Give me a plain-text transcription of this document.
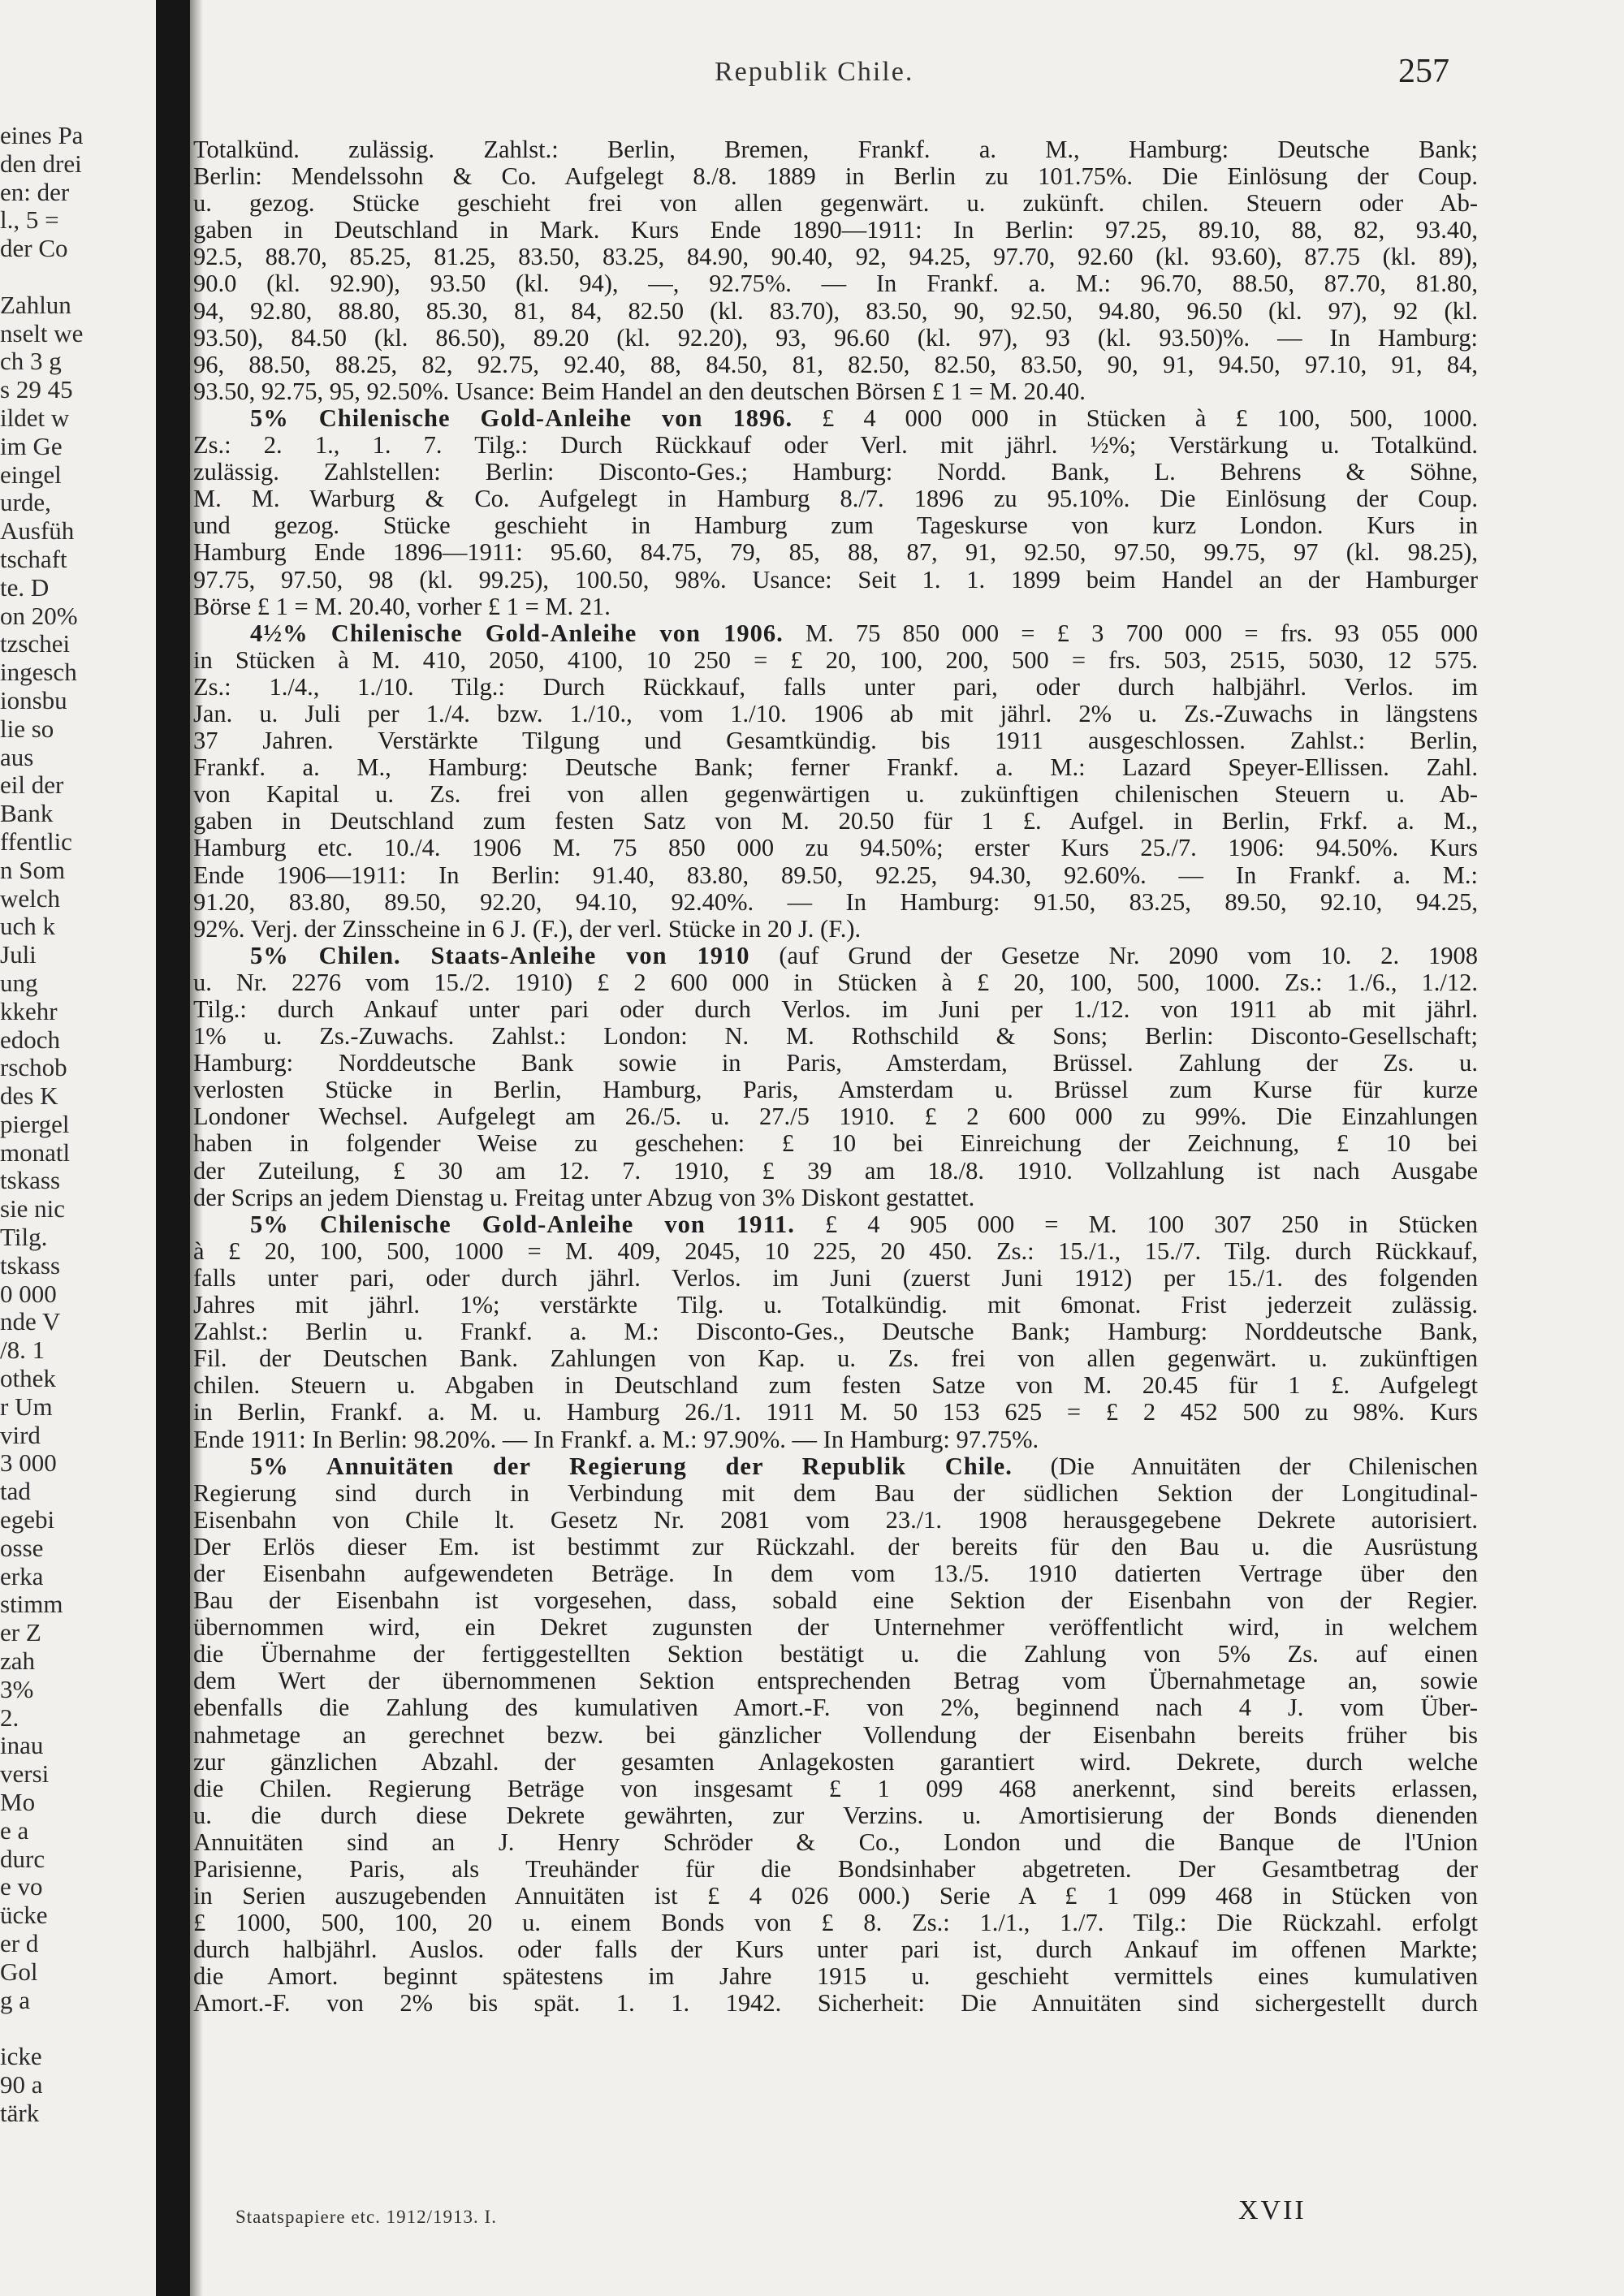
eines Pa
den drei
en: der
l., 5 =
der Co
Zahlun
nselt we
ch 3 g
s 29 45
ildet w
im Ge
eingel
urde,
Ausfüh
tschaft
te. D
on 20%
tzschei
ingesch
ionsbu
lie so
aus
eil der
Bank
ffentlic
n Som
welch
uch k
Juli
ung
kkehr
edoch
rschob
des K
piergel
monatl
tskass
sie nic
Tilg.
tskass
0 000
nde V
/8. 1
othek
r Um
vird
3 000
tad
egebi
osse
erka
stimm
er Z
zah
3%
2.
inau
versi
Mo
e a
durc
e vo
ücke
er d
Gol
g a
icke
90 a
tärk
Republik Chile.	257
Totalkünd. zulässig. Zahlst.: Berlin, Bremen, Frankf. a. M., Hamburg: Deutsche Bank;
Berlin: Mendelssohn & Co. Aufgelegt 8./8. 1889 in Berlin zu 101.75%. Die Einlösung der Coup.
u. gezog. Stücke geschieht frei von allen gegenwärt. u. zukünft. chilen. Steuern oder Ab-
gaben in Deutschland in Mark. Kurs Ende 1890—1911: In Berlin: 97.25, 89.10, 88, 82, 93.40,
92.5, 88.70, 85.25, 81.25, 83.50, 83.25, 84.90, 90.40, 92, 94.25, 97.70, 92.60 (kl. 93.60), 87.75 (kl. 89),
90.0 (kl. 92.90), 93.50 (kl. 94), —, 92.75%. — In Frankf. a. M.: 96.70, 88.50, 87.70, 81.80,
94, 92.80, 88.80, 85.30, 81, 84, 82.50 (kl. 83.70), 83.50, 90, 92.50, 94.80, 96.50 (kl. 97), 92 (kl.
93.50), 84.50 (kl. 86.50), 89.20 (kl. 92.20), 93, 96.60 (kl. 97), 93 (kl. 93.50)%. — In Hamburg:
96, 88.50, 88.25, 82, 92.75, 92.40, 88, 84.50, 81, 82.50, 82.50, 83.50, 90, 91, 94.50, 97.10, 91, 84,
93.50, 92.75, 95, 92.50%. Usance: Beim Handel an den deutschen Börsen £ 1 = M. 20.40.
5% Chilenische Gold-Anleihe von 1896. £ 4 000 000 in Stücken à £ 100, 500, 1000.
Zs.: 2. 1., 1. 7. Tilg.: Durch Rückkauf oder Verl. mit jährl. ½%; Verstärkung u. Totalkünd.
zulässig. Zahlstellen: Berlin: Disconto-Ges.; Hamburg: Nordd. Bank, L. Behrens & Söhne,
M. M. Warburg & Co. Aufgelegt in Hamburg 8./7. 1896 zu 95.10%. Die Einlösung der Coup.
und gezog. Stücke geschieht in Hamburg zum Tageskurse von kurz London. Kurs in
Hamburg Ende 1896—1911: 95.60, 84.75, 79, 85, 88, 87, 91, 92.50, 97.50, 99.75, 97 (kl. 98.25),
97.75, 97.50, 98 (kl. 99.25), 100.50, 98%. Usance: Seit 1. 1. 1899 beim Handel an der Hamburger
Börse £ 1 = M. 20.40, vorher £ 1 = M. 21.
4½% Chilenische Gold-Anleihe von 1906. M. 75 850 000 = £ 3 700 000 = frs. 93 055 000
in Stücken à M. 410, 2050, 4100, 10 250 = £ 20, 100, 200, 500 = frs. 503, 2515, 5030, 12 575.
Zs.: 1./4., 1./10. Tilg.: Durch Rückkauf, falls unter pari, oder durch halbjährl. Verlos. im
Jan. u. Juli per 1./4. bzw. 1./10., vom 1./10. 1906 ab mit jährl. 2% u. Zs.-Zuwachs in längstens
37 Jahren. Verstärkte Tilgung und Gesamtkündig. bis 1911 ausgeschlossen. Zahlst.: Berlin,
Frankf. a. M., Hamburg: Deutsche Bank; ferner Frankf. a. M.: Lazard Speyer-Ellissen. Zahl.
von Kapital u. Zs. frei von allen gegenwärtigen u. zukünftigen chilenischen Steuern u. Ab-
gaben in Deutschland zum festen Satz von M. 20.50 für 1 £. Aufgel. in Berlin, Frkf. a. M.,
Hamburg etc. 10./4. 1906 M. 75 850 000 zu 94.50%; erster Kurs 25./7. 1906: 94.50%. Kurs
Ende 1906—1911: In Berlin: 91.40, 83.80, 89.50, 92.25, 94.30, 92.60%. — In Frankf. a. M.:
91.20, 83.80, 89.50, 92.20, 94.10, 92.40%. — In Hamburg: 91.50, 83.25, 89.50, 92.10, 94.25,
92%. Verj. der Zinsscheine in 6 J. (F.), der verl. Stücke in 20 J. (F.).
5% Chilen. Staats-Anleihe von 1910 (auf Grund der Gesetze Nr. 2090 vom 10. 2. 1908
u. Nr. 2276 vom 15./2. 1910) £ 2 600 000 in Stücken à £ 20, 100, 500, 1000. Zs.: 1./6., 1./12.
Tilg.: durch Ankauf unter pari oder durch Verlos. im Juni per 1./12. von 1911 ab mit jährl.
1% u. Zs.-Zuwachs. Zahlst.: London: N. M. Rothschild & Sons; Berlin: Disconto-Gesellschaft;
Hamburg: Norddeutsche Bank sowie in Paris, Amsterdam, Brüssel. Zahlung der Zs. u.
verlosten Stücke in Berlin, Hamburg, Paris, Amsterdam u. Brüssel zum Kurse für kurze
Londoner Wechsel. Aufgelegt am 26./5. u. 27./5 1910. £ 2 600 000 zu 99%. Die Einzahlungen
haben in folgender Weise zu geschehen: £ 10 bei Einreichung der Zeichnung, £ 10 bei
der Zuteilung, £ 30 am 12. 7. 1910, £ 39 am 18./8. 1910. Vollzahlung ist nach Ausgabe
der Scrips an jedem Dienstag u. Freitag unter Abzug von 3% Diskont gestattet.
5% Chilenische Gold-Anleihe von 1911. £ 4 905 000 = M. 100 307 250 in Stücken
à £ 20, 100, 500, 1000 = M. 409, 2045, 10 225, 20 450. Zs.: 15./1., 15./7. Tilg. durch Rückkauf,
falls unter pari, oder durch jährl. Verlos. im Juni (zuerst Juni 1912) per 15./1. des folgenden
Jahres mit jährl. 1%; verstärkte Tilg. u. Totalkündig. mit 6monat. Frist jederzeit zulässig.
Zahlst.: Berlin u. Frankf. a. M.: Disconto-Ges., Deutsche Bank; Hamburg: Norddeutsche Bank,
Fil. der Deutschen Bank. Zahlungen von Kap. u. Zs. frei von allen gegenwärt. u. zukünftigen
chilen. Steuern u. Abgaben in Deutschland zum festen Satze von M. 20.45 für 1 £. Aufgelegt
in Berlin, Frankf. a. M. u. Hamburg 26./1. 1911 M. 50 153 625 = £ 2 452 500 zu 98%. Kurs
Ende 1911: In Berlin: 98.20%. — In Frankf. a. M.: 97.90%. — In Hamburg: 97.75%.
5% Annuitäten der Regierung der Republik Chile. (Die Annuitäten der Chilenischen
Regierung sind durch in Verbindung mit dem Bau der südlichen Sektion der Longitudinal-
Eisenbahn von Chile lt. Gesetz Nr. 2081 vom 23./1. 1908 herausgegebene Dekrete autorisiert.
Der Erlös dieser Em. ist bestimmt zur Rückzahl. der bereits für den Bau u. die Ausrüstung
der Eisenbahn aufgewendeten Beträge. In dem vom 13./5. 1910 datierten Vertrage über den
Bau der Eisenbahn ist vorgesehen, dass, sobald eine Sektion der Eisenbahn von der Regier.
übernommen wird, ein Dekret zugunsten der Unternehmer veröffentlicht wird, in welchem
die Übernahme der fertiggestellten Sektion bestätigt u. die Zahlung von 5% Zs. auf einen
dem Wert der übernommenen Sektion entsprechenden Betrag vom Übernahmetage an, sowie
ebenfalls die Zahlung des kumulativen Amort.-F. von 2%, beginnend nach 4 J. vom Über-
nahmetage an gerechnet bezw. bei gänzlicher Vollendung der Eisenbahn bereits früher bis
zur gänzlichen Abzahl. der gesamten Anlagekosten garantiert wird. Dekrete, durch welche
die Chilen. Regierung Beträge von insgesamt £ 1 099 468 anerkennt, sind bereits erlassen,
u. die durch diese Dekrete gewährten, zur Verzins. u. Amortisierung der Bonds dienenden
Annuitäten sind an J. Henry Schröder & Co., London und die Banque de l'Union
Parisienne, Paris, als Treuhänder für die Bondsinhaber abgetreten. Der Gesamtbetrag der
in Serien auszugebenden Annuitäten ist £ 4 026 000.) Serie A £ 1 099 468 in Stücken von
£ 1000, 500, 100, 20 u. einem Bonds von £ 8. Zs.: 1./1., 1./7. Tilg.: Die Rückzahl. erfolgt
durch halbjährl. Auslos. oder falls der Kurs unter pari ist, durch Ankauf im offenen Markte;
die Amort. beginnt spätestens im Jahre 1915 u. geschieht vermittels eines kumulativen
Amort.-F. von 2% bis spät. 1. 1. 1942. Sicherheit: Die Annuitäten sind sichergestellt durch
Staatspapiere etc. 1912/1913. I.	XVII
